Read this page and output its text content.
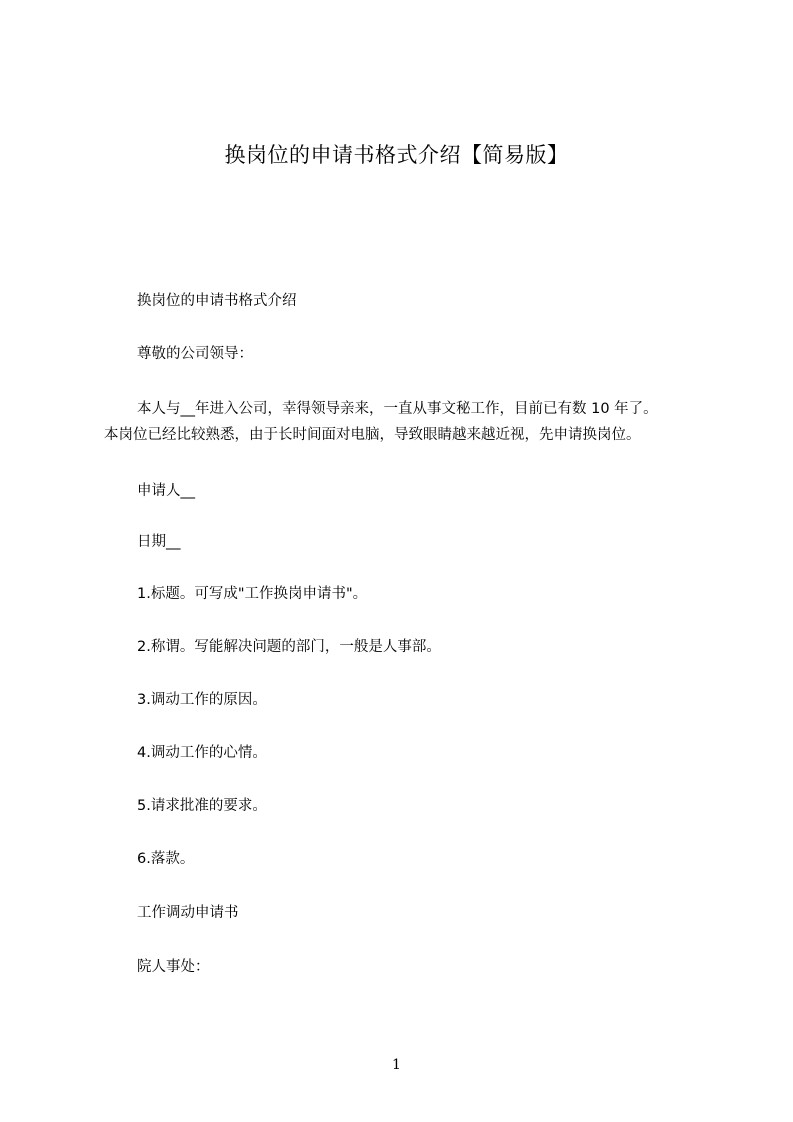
换岗位的申请书格式介绍【简易版】

换岗位的申请书格式介绍

尊敬的公司领导：

本人与__年进入公司，幸得领导亲来，一直从事文秘工作，目前已有数 10 年了。
本岗位已经比较熟悉，由于长时间面对电脑，导致眼睛越来越近视，先申请换岗位。

申请人__

日期__

1.标题。可写成"工作换岗申请书"。

2.称谓。写能解决问题的部门，一般是人事部。

3.调动工作的原因。

4.调动工作的心情。

5.请求批准的要求。

6.落款。

工作调动申请书

院人事处：

1
